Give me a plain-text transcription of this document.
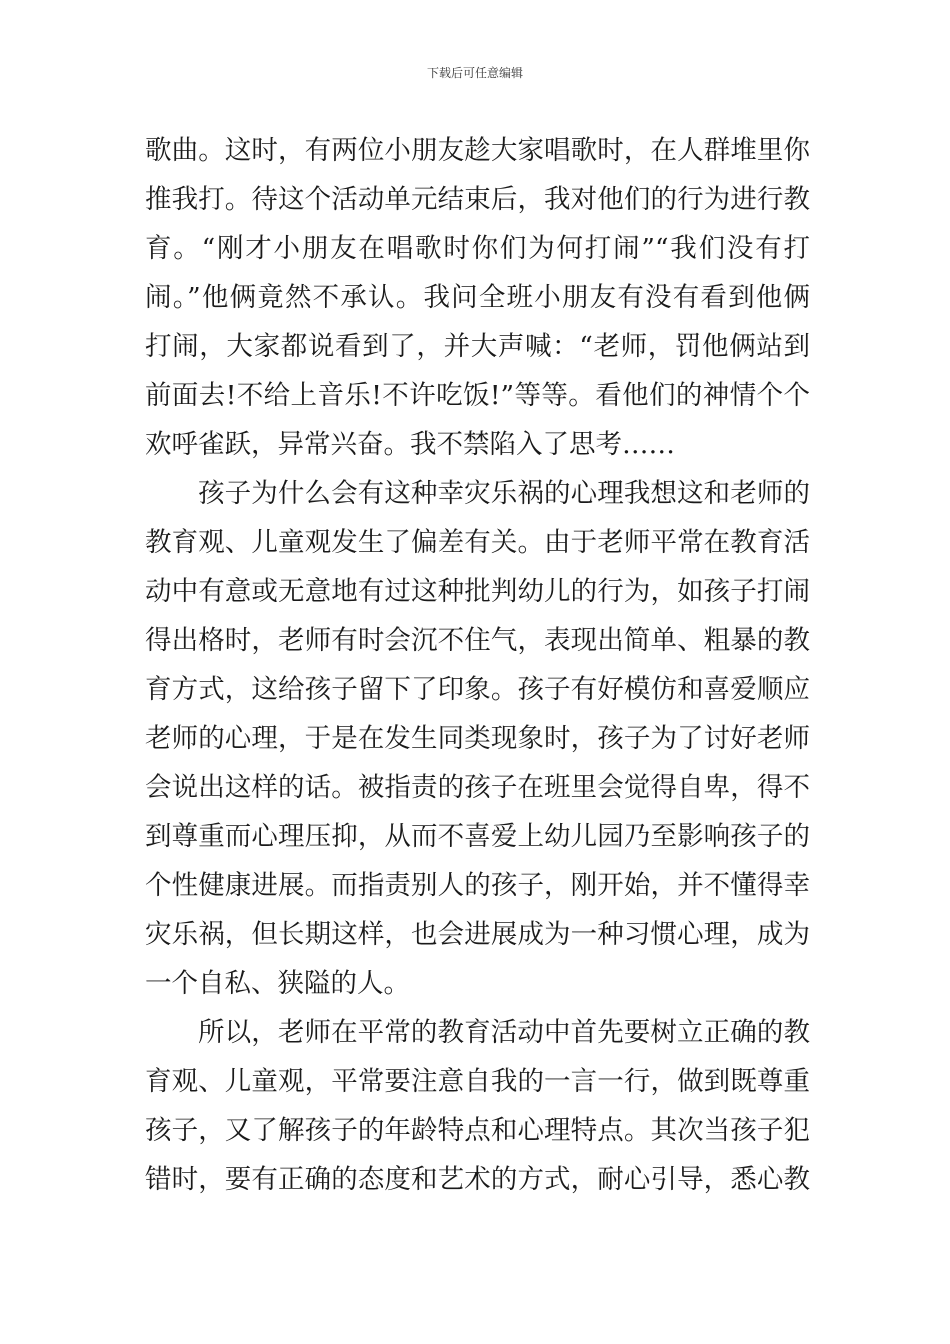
下载后可任意编辑
歌曲。这时，有两位小朋友趁大家唱歌时，在人群堆里你
推我打。待这个活动单元结束后，我对他们的行为进行教
育。“刚才小朋友在唱歌时你们为何打闹”“我们没有打
闹。”他俩竟然不承认。我问全班小朋友有没有看到他俩
打闹，大家都说看到了，并大声喊：“老师，罚他俩站到
前面去!不给上音乐!不许吃饭!”等等。看他们的神情个个
欢呼雀跃，异常兴奋。我不禁陷入了思考……
孩子为什么会有这种幸灾乐祸的心理我想这和老师的
教育观、儿童观发生了偏差有关。由于老师平常在教育活
动中有意或无意地有过这种批判幼儿的行为，如孩子打闹
得出格时，老师有时会沉不住气，表现出简单、粗暴的教
育方式，这给孩子留下了印象。孩子有好模仿和喜爱顺应
老师的心理，于是在发生同类现象时，孩子为了讨好老师
会说出这样的话。被指责的孩子在班里会觉得自卑，得不
到尊重而心理压抑，从而不喜爱上幼儿园乃至影响孩子的
个性健康进展。而指责别人的孩子，刚开始，并不懂得幸
灾乐祸，但长期这样，也会进展成为一种习惯心理，成为
一个自私、狭隘的人。
所以，老师在平常的教育活动中首先要树立正确的教
育观、儿童观，平常要注意自我的一言一行，做到既尊重
孩子，又了解孩子的年龄特点和心理特点。其次当孩子犯
错时，要有正确的态度和艺术的方式，耐心引导，悉心教
